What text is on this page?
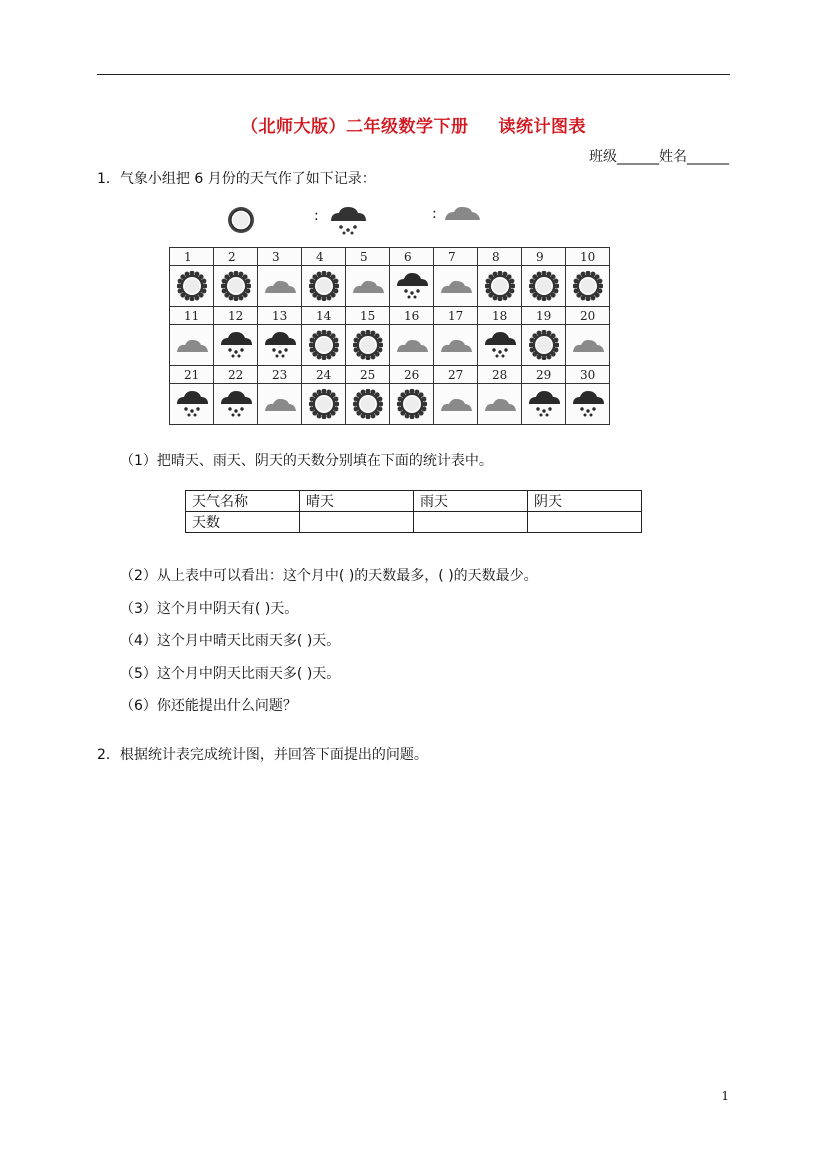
（北师大版）二年级数学下册 读统计图表
班级______姓名______
1．气象小组把 6 月份的天气作了如下记录：
:	:
1	2	3	4	5	6	7	8	9	10

11	12	13	14	15	16	17	18	19	20

21	22	23	24	25	26	27	28	29	30

（1）把晴天、雨天、阴天的天数分别填在下面的统计表中。
天气名称	晴天	雨天	阴天
天数			
（2）从上表中可以看出：这个月中( )的天数最多，( )的天数最少。
（3）这个月中阴天有( )天。
（4）这个月中晴天比雨天多( )天。
（5）这个月中阴天比雨天多( )天。
（6）你还能提出什么问题？
2．根据统计表完成统计图，并回答下面提出的问题。
1
